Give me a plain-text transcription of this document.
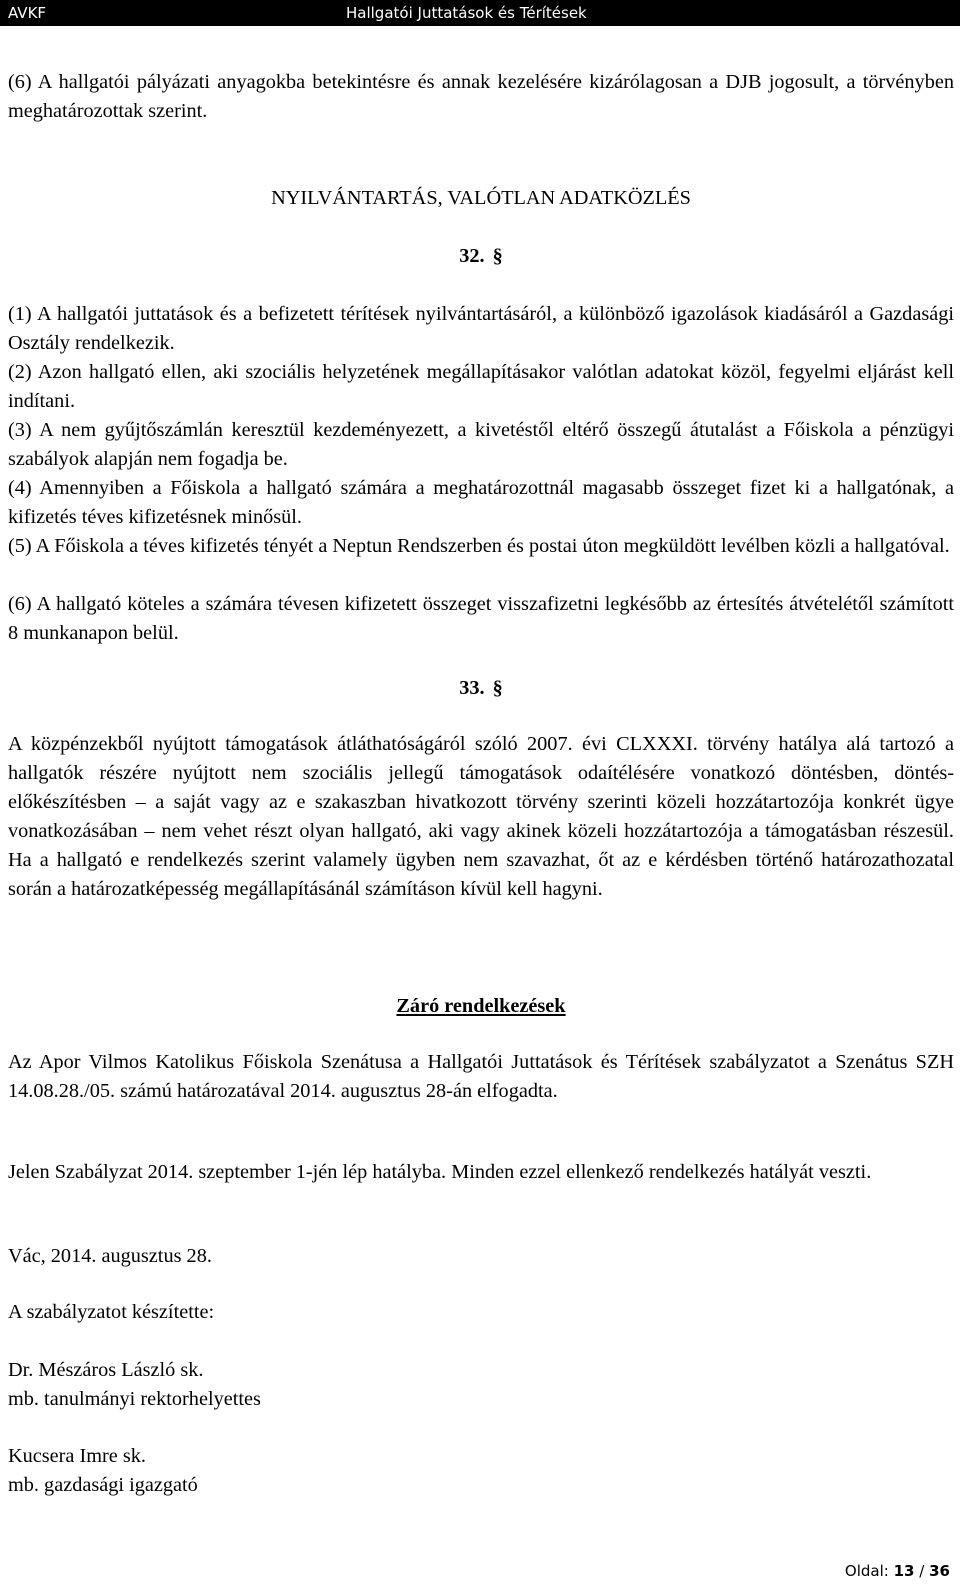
AVKF	Hallgatói Juttatások és Térítések

(6) A hallgatói pályázati anyagokba betekintésre és annak kezelésére kizárólagosan a DJB jogosult, a törvényben meghatározottak szerint.

NYILVÁNTARTÁS, VALÓTLAN ADATKÖZLÉS

32. §

(1) A hallgatói juttatások és a befizetett térítések nyilvántartásáról, a különböző igazolások kiadásáról a Gazdasági Osztály rendelkezik.

(2) Azon hallgató ellen, aki szociális helyzetének megállapításakor valótlan adatokat közöl, fegyelmi eljárást kell indítani.

(3) A nem gyűjtőszámlán keresztül kezdeményezett, a kivetéstől eltérő összegű átutalást a Főiskola a pénzügyi szabályok alapján nem fogadja be.

(4) Amennyiben a Főiskola a hallgató számára a meghatározottnál magasabb összeget fizet ki a hallgatónak, a kifizetés téves kifizetésnek minősül.

(5) A Főiskola a téves kifizetés tényét a Neptun Rendszerben és postai úton megküldött levélben közli a hallgatóval.

(6) A hallgató köteles a számára tévesen kifizetett összeget visszafizetni legkésőbb az értesítés átvételétől számított 8 munkanapon belül.

33. §

A közpénzekből nyújtott támogatások átláthatóságáról szóló 2007. évi CLXXXI. törvény hatálya alá tartozó a hallgatók részére nyújtott nem szociális jellegű támogatások odaítélésére vonatkozó döntésben, döntés-előkészítésben – a saját vagy az e szakaszban hivatkozott törvény szerinti közeli hozzátartozója konkrét ügye vonatkozásában – nem vehet részt olyan hallgató, aki vagy akinek közeli hozzátartozója a támogatásban részesül. Ha a hallgató e rendelkezés szerint valamely ügyben nem szavazhat, őt az e kérdésben történő határozathozatal során a határozatképesség megállapításánál számításon kívül kell hagyni.

Záró rendelkezések

Az Apor Vilmos Katolikus Főiskola Szenátusa a Hallgatói Juttatások és Térítések szabályzatot a Szenátus SZH 14.08.28./05. számú határozatával 2014. augusztus 28-án elfogadta.

Jelen Szabályzat 2014. szeptember 1-jén lép hatályba. Minden ezzel ellenkező rendelkezés hatályát veszti.

Vác, 2014. augusztus 28.

A szabályzatot készítette:

Dr. Mészáros László sk.

mb. tanulmányi rektorhelyettes

Kucsera Imre sk.

mb. gazdasági igazgató

Oldal: 13 / 36
